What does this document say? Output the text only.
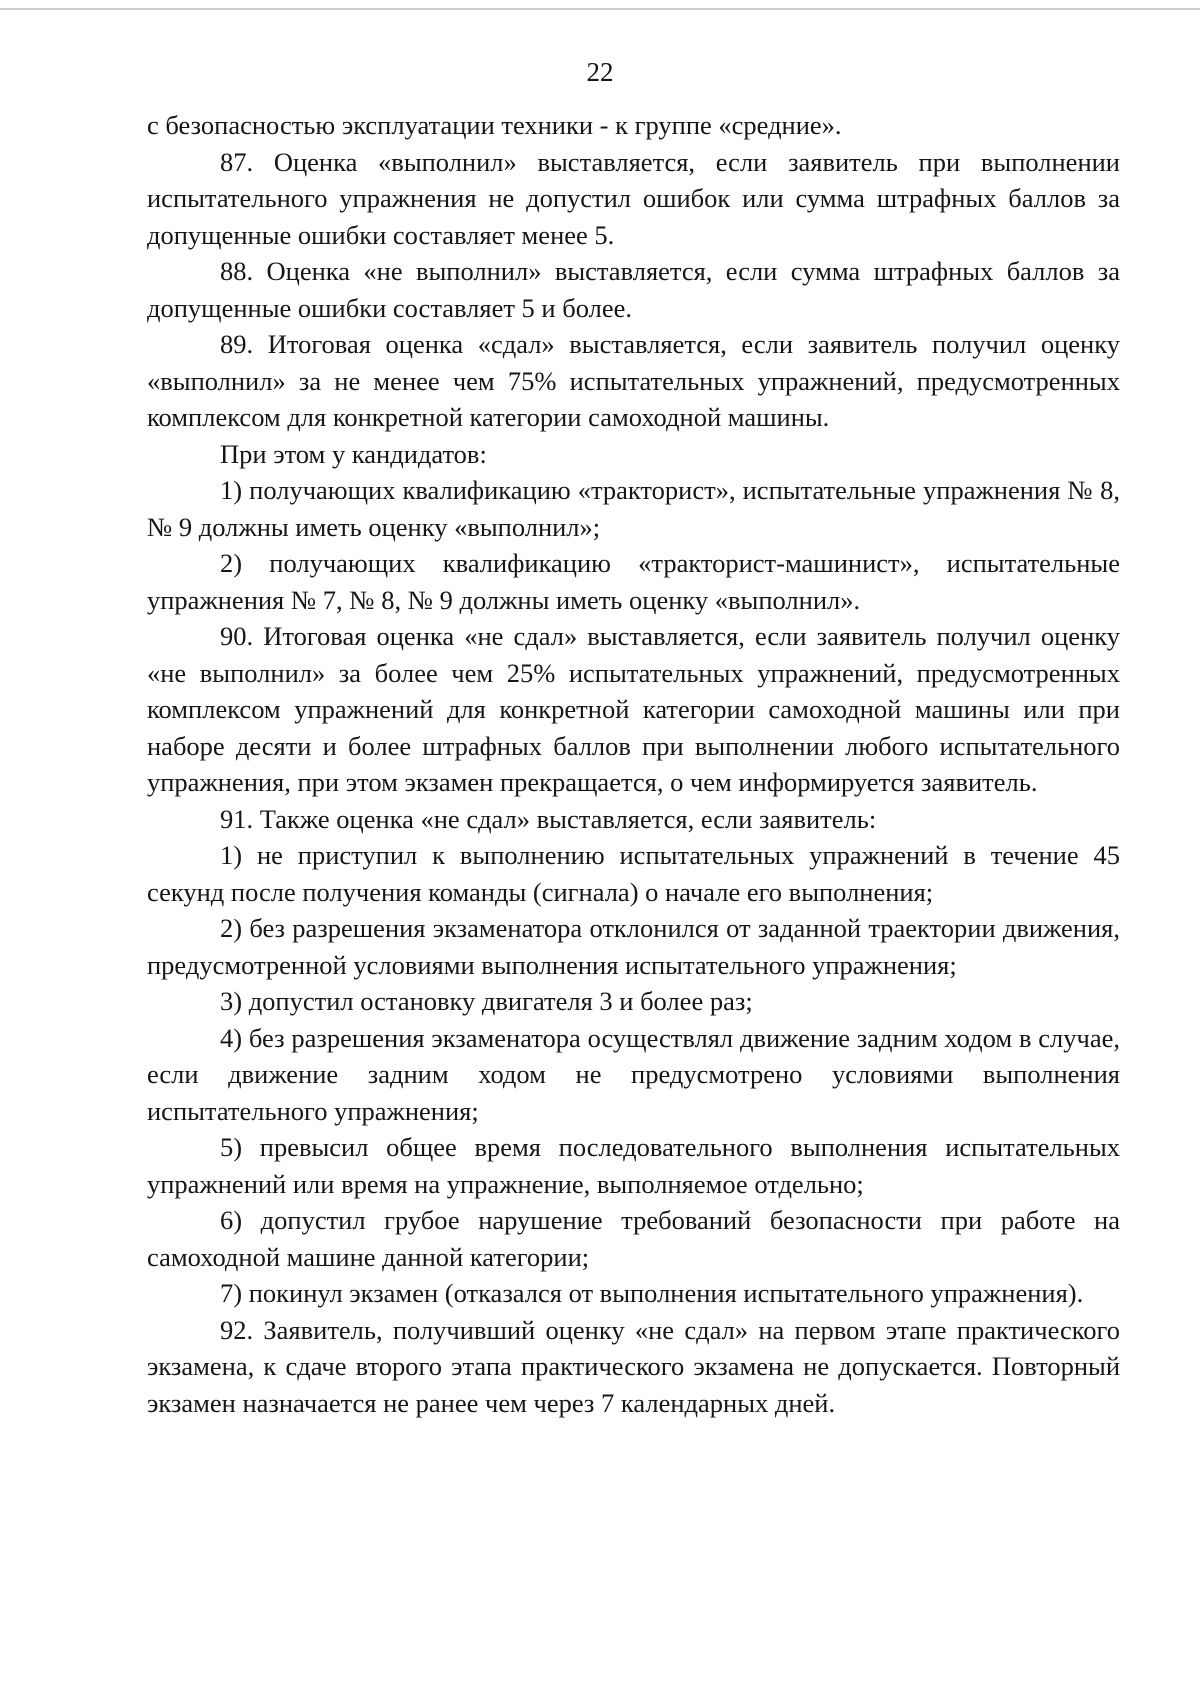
22

с безопасностью эксплуатации техники - к группе «средние».

87. Оценка «выполнил» выставляется, если заявитель при выполнении испытательного упражнения не допустил ошибок или сумма штрафных баллов за допущенные ошибки составляет менее 5.

88. Оценка «не выполнил» выставляется, если сумма штрафных баллов за допущенные ошибки составляет 5 и более.

89. Итоговая оценка «сдал» выставляется, если заявитель получил оценку «выполнил» за не менее чем 75% испытательных упражнений, предусмотренных комплексом для конкретной категории самоходной машины.

При этом у кандидатов:

1) получающих квалификацию «тракторист», испытательные упражнения № 8, № 9 должны иметь оценку «выполнил»;

2) получающих квалификацию «тракторист-машинист», испытательные упражнения № 7, № 8, № 9 должны иметь оценку «выполнил».

90. Итоговая оценка «не сдал» выставляется, если заявитель получил оценку «не выполнил» за более чем 25% испытательных упражнений, предусмотренных комплексом упражнений для конкретной категории самоходной машины или при наборе десяти и более штрафных баллов при выполнении любого испытательного упражнения, при этом экзамен прекращается, о чем информируется заявитель.

91. Также оценка «не сдал» выставляется, если заявитель:

1) не приступил к выполнению испытательных упражнений в течение 45 секунд после получения команды (сигнала) о начале его выполнения;

2) без разрешения экзаменатора отклонился от заданной траектории движения, предусмотренной условиями выполнения испытательного упражнения;

3) допустил остановку двигателя 3 и более раз;

4) без разрешения экзаменатора осуществлял движение задним ходом в случае, если движение задним ходом не предусмотрено условиями выполнения испытательного упражнения;

5) превысил общее время последовательного выполнения испытательных упражнений или время на упражнение, выполняемое отдельно;

6) допустил грубое нарушение требований безопасности при работе на самоходной машине данной категории;

7) покинул экзамен (отказался от выполнения испытательного упражнения).

92. Заявитель, получивший оценку «не сдал» на первом этапе практического экзамена, к сдаче второго этапа практического экзамена не допускается. Повторный экзамен назначается не ранее чем через 7 календарных дней.
